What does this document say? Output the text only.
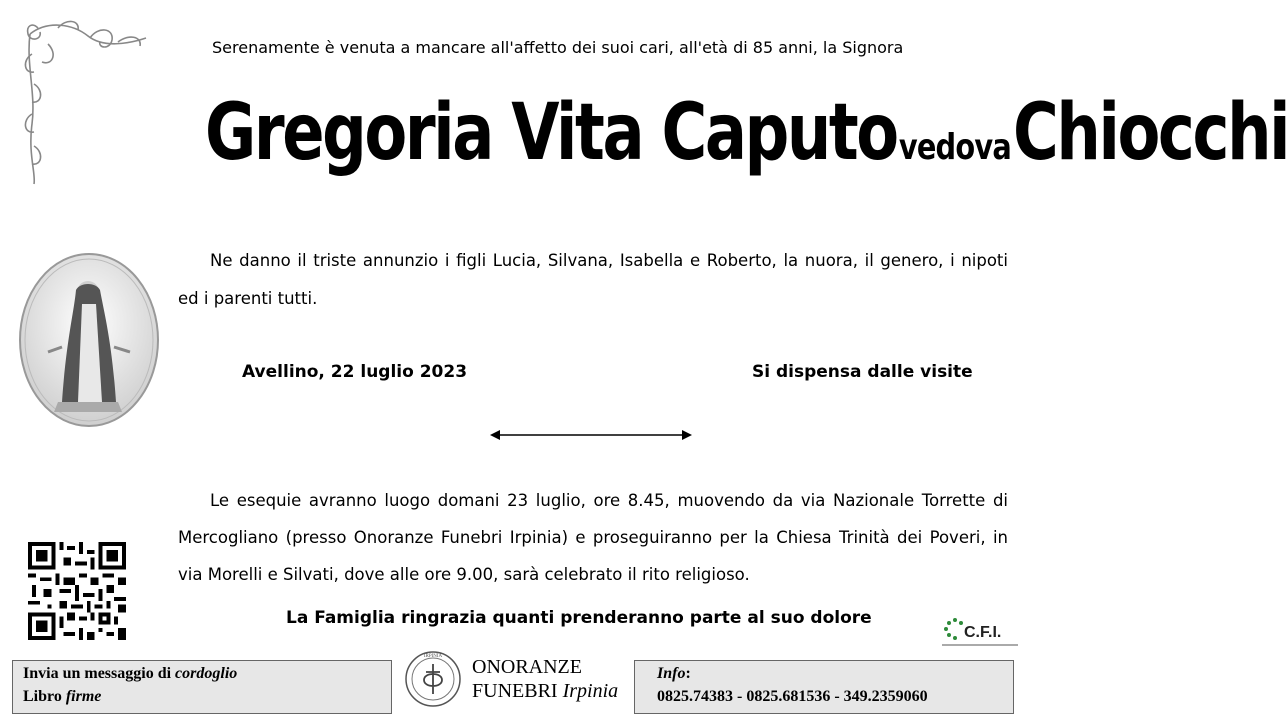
Serenamente è venuta a mancare all'affetto dei suoi cari, all'età di 85 anni, la Signora
Gregoria Vita Caputo vedova Chiocchi
Ne danno il triste annunzio i figli Lucia, Silvana, Isabella e Roberto, la nuora, il genero, i nipoti ed i parenti tutti.
Avellino, 22 luglio 2023	Si dispensa dalle visite
Le esequie avranno luogo domani 23 luglio, ore 8.45, muovendo da via Nazionale Torrette di Mercogliano (presso Onoranze Funebri Irpinia) e proseguiranno per la Chiesa Trinità dei Poveri, in via Morelli e Silvati, dove alle ore 9.00, sarà celebrato il rito religioso.
La Famiglia ringrazia quanti prenderanno parte al suo dolore
C.F.I.
Invia un messaggio di cordoglio
Libro firme
IRPINIA ONORANZE
FUNEBRI Irpinia
Info:
0825.74383 - 0825.681536 - 349.2359060
